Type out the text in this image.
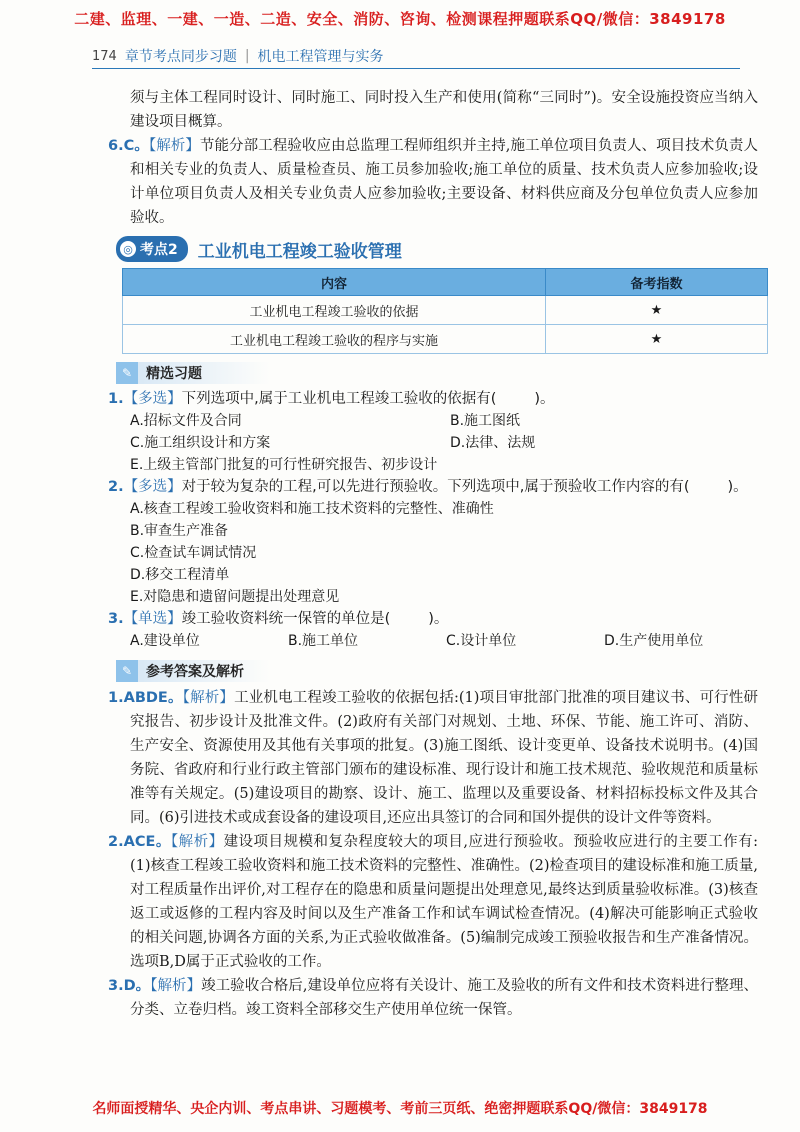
二建、监理、一建、一造、二造、安全、消防、咨询、检测课程押题联系QQ/微信：3849178
174 章节考点同步习题 | 机电工程管理与实务

须与主体工程同时设计、同时施工、同时投入生产和使用(简称“三同时”)。安全设施投资应当纳入建设项目概算。

6.C。【解析】节能分部工程验收应由总监理工程师组织并主持,施工单位项目负责人、项目技术负责人和相关专业的负责人、质量检查员、施工员参加验收;施工单位的质量、技术负责人应参加验收;设计单位项目负责人及相关专业负责人应参加验收;主要设备、材料供应商及分包单位负责人应参加验收。

◎ 考点2 工业机电工程竣工验收管理
内容	备考指数
工业机电工程竣工验收的依据	★
工业机电工程竣工验收的程序与实施	★
✎ 精选习题

1.【多选】下列选项中,属于工业机电工程竣工验收的依据有(	)。

A.招标文件及合同	B.施工图纸
C.施工组织设计和方案	D.法律、法规
E.上级主管部门批复的可行性研究报告、初步设计

2.【多选】对于较为复杂的工程,可以先进行预验收。下列选项中,属于预验收工作内容的有(	)。

A.核查工程竣工验收资料和施工技术资料的完整性、准确性
B.审查生产准备
C.检查试车调试情况
D.移交工程清单
E.对隐患和遗留问题提出处理意见

3.【单选】竣工验收资料统一保管的单位是(	)。

A.建设单位	B.施工单位	C.设计单位	D.生产使用单位
✎ 参考答案及解析

1.ABDE。【解析】工业机电工程竣工验收的依据包括:(1)项目审批部门批准的项目建议书、可行性研究报告、初步设计及批准文件。(2)政府有关部门对规划、土地、环保、节能、施工许可、消防、生产安全、资源使用及其他有关事项的批复。(3)施工图纸、设计变更单、设备技术说明书。(4)国务院、省政府和行业行政主管部门颁布的建设标准、现行设计和施工技术规范、验收规范和质量标准等有关规定。(5)建设项目的勘察、设计、施工、监理以及重要设备、材料招标投标文件及其合同。(6)引进技术或成套设备的建设项目,还应出具签订的合同和国外提供的设计文件等资料。

2.ACE。【解析】建设项目规模和复杂程度较大的项目,应进行预验收。预验收应进行的主要工作有:(1)核查工程竣工验收资料和施工技术资料的完整性、准确性。(2)检查项目的建设标准和施工质量,对工程质量作出评价,对工程存在的隐患和质量问题提出处理意见,最终达到质量验收标准。(3)核查返工或返修的工程内容及时间以及生产准备工作和试车调试检查情况。(4)解决可能影响正式验收的相关问题,协调各方面的关系,为正式验收做准备。(5)编制完成竣工预验收报告和生产准备情况。选项B,D属于正式验收的工作。

3.D。【解析】竣工验收合格后,建设单位应将有关设计、施工及验收的所有文件和技术资料进行整理、分类、立卷归档。竣工资料全部移交生产使用单位统一保管。

名师面授精华、央企内训、考点串讲、习题模考、考前三页纸、绝密押题联系QQ/微信：3849178
